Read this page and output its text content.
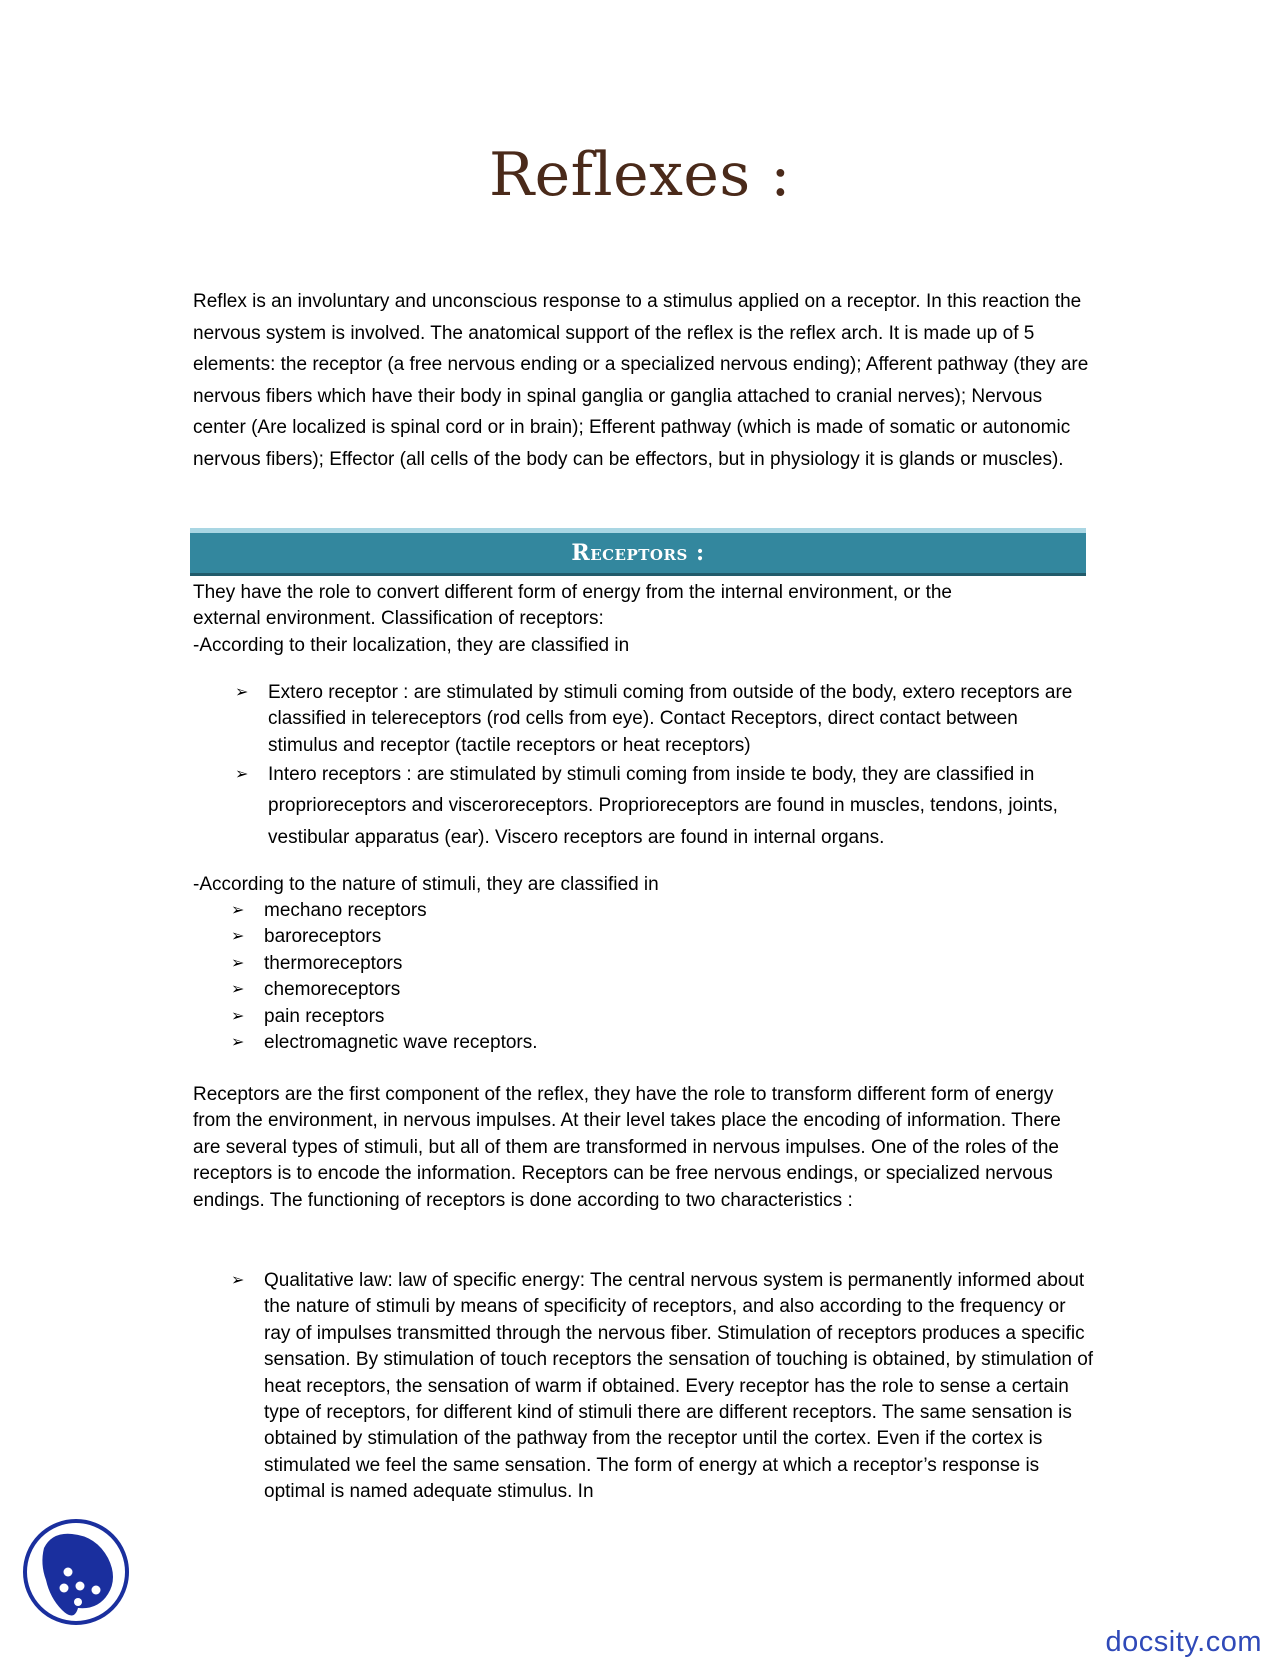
Reflexes :

Reflex is an involuntary and unconscious response to a stimulus applied on a receptor. In this reaction the nervous system is involved. The anatomical support of the reflex is the reflex arch. It is made up of 5 elements: the receptor (a free nervous ending or a specialized nervous ending); Afferent pathway (they are nervous fibers which have their body in spinal ganglia or ganglia attached to cranial nerves); Nervous center (Are localized is spinal cord or in brain); Efferent pathway (which is made of somatic or autonomic nervous fibers); Effector (all cells of the body can be effectors, but in physiology it is glands or muscles).

Receptors :

They have the role to convert different form of energy from the internal environment, or the
external environment. Classification of receptors:
-According to their localization, they are classified in

➢ Extero receptor : are stimulated by stimuli coming from outside of the body, extero receptors are classified in telereceptors (rod cells from eye). Contact Receptors, direct contact between stimulus and receptor (tactile receptors or heat receptors)
➢ Intero receptors : are stimulated by stimuli coming from inside te body, they are classified in proprioreceptors and visceroreceptors. Proprioreceptors are found in muscles, tendons, joints, vestibular apparatus (ear). Viscero receptors are found in internal organs.

-According to the nature of stimuli, they are classified in

➢ mechano receptors
➢ baroreceptors
➢ thermoreceptors
➢ chemoreceptors
➢ pain receptors
➢ electromagnetic wave receptors.

Receptors are the first component of the reflex, they have the role to transform different form of energy from the environment, in nervous impulses. At their level takes place the encoding of information. There are several types of stimuli, but all of them are transformed in nervous impulses. One of the roles of the receptors is to encode the information. Receptors can be free nervous endings, or specialized nervous endings. The functioning of receptors is done according to two characteristics :

➢ Qualitative law: law of specific energy: The central nervous system is permanently informed about the nature of stimuli by means of specificity of receptors, and also according to the frequency or ray of impulses transmitted through the nervous fiber. Stimulation of receptors produces a specific sensation. By stimulation of touch receptors the sensation of touching is obtained, by stimulation of heat receptors, the sensation of warm if obtained. Every receptor has the role to sense a certain type of receptors, for different kind of stimuli there are different receptors. The same sensation is obtained by stimulation of the pathway from the receptor until the cortex. Even if the cortex is stimulated we feel the same sensation. The form of energy at which a receptor’s response is optimal is named adequate stimulus. In
docsity.com
